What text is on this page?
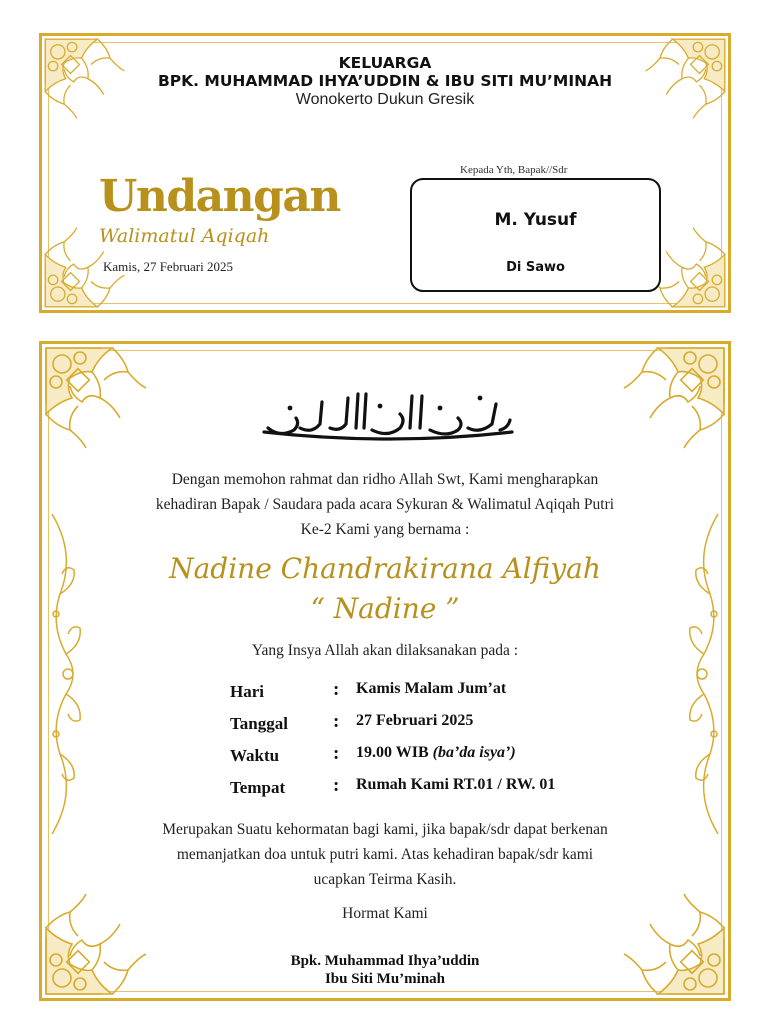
KELUARGA
BPK. MUHAMMAD IHYA’UDDIN & IBU SITI MU’MINAH
Wonokerto Dukun Gresik
Undangan
Walimatul Aqiqah
Kamis, 27 Februari 2025
Kepada Yth, Bapak//Sdr
M. Yusuf
Di Sawo

Dengan memohon rahmat dan ridho Allah Swt, Kami mengharapkan

kehadiran Bapak / Saudara pada acara Sykuran & Walimatul Aqiqah Putri

Ke-2 Kami yang bernama :

Nadine Chandrakirana Alfiyah
“ Nadine ”
Yang Insya Allah akan dilaksanakan pada :
Hari	: Kamis Malam Jum’at
Tanggal : 27 Februari 2025
Waktu	: 19.00 WIB (ba’da isya’)
Tempat	: Rumah Kami RT.01 / RW. 01

Merupakan Suatu kehormatan bagi kami, jika bapak/sdr dapat berkenan

memanjatkan doa untuk putri kami. Atas kehadiran bapak/sdr kami

ucapkan Teirma Kasih.

Hormat Kami
Bpk. Muhammad Ihya’uddin
Ibu Siti Mu’minah
